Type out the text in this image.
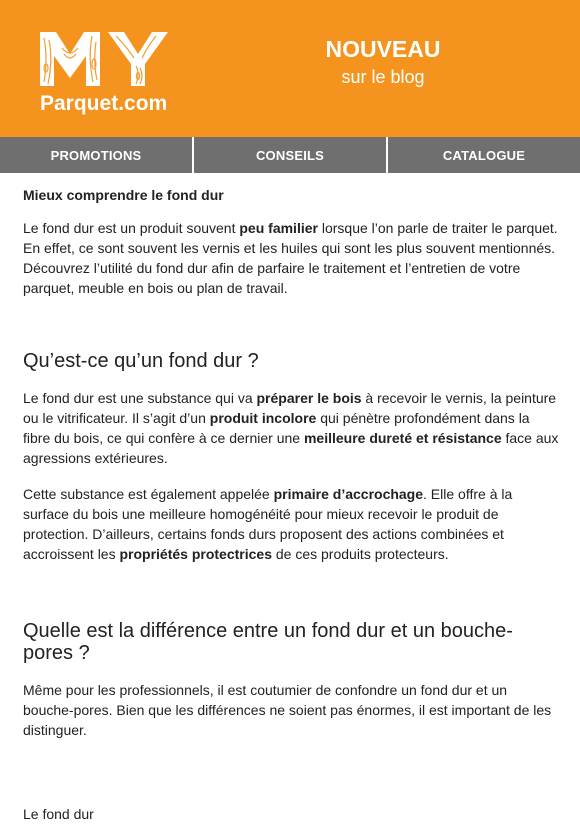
Parquet.com
NOUVEAU
sur le blog
PROMOTIONS	CONSEILS	CATALOGUE
Mieux comprendre le fond dur

Le fond dur est un produit souvent peu familier lorsque l’on parle de traiter le parquet. En effet, ce sont souvent les vernis et les huiles qui sont les plus souvent mentionnés. Découvrez l’utilité du fond dur afin de parfaire le traitement et l’entretien de votre parquet, meuble en bois ou plan de travail.

Qu’est-ce qu’un fond dur ?

Le fond dur est une substance qui va préparer le bois à recevoir le vernis, la peinture ou le vitrificateur. Il s’agit d’un produit incolore qui pénètre profondément dans la fibre du bois, ce qui confère à ce dernier une meilleure dureté et résistance face aux agressions extérieures.

Cette substance est également appelée primaire d’accrochage. Elle offre à la surface du bois une meilleure homogénéité pour mieux recevoir le produit de protection. D’ailleurs, certains fonds durs proposent des actions combinées et accroissent les propriétés protectrices de ces produits protecteurs.

Quelle est la différence entre un fond dur et un bouche-pores ?

Même pour les professionnels, il est coutumier de confondre un fond dur et un bouche-pores. Bien que les différences ne soient pas énormes, il est important de les distinguer.

Le fond dur
